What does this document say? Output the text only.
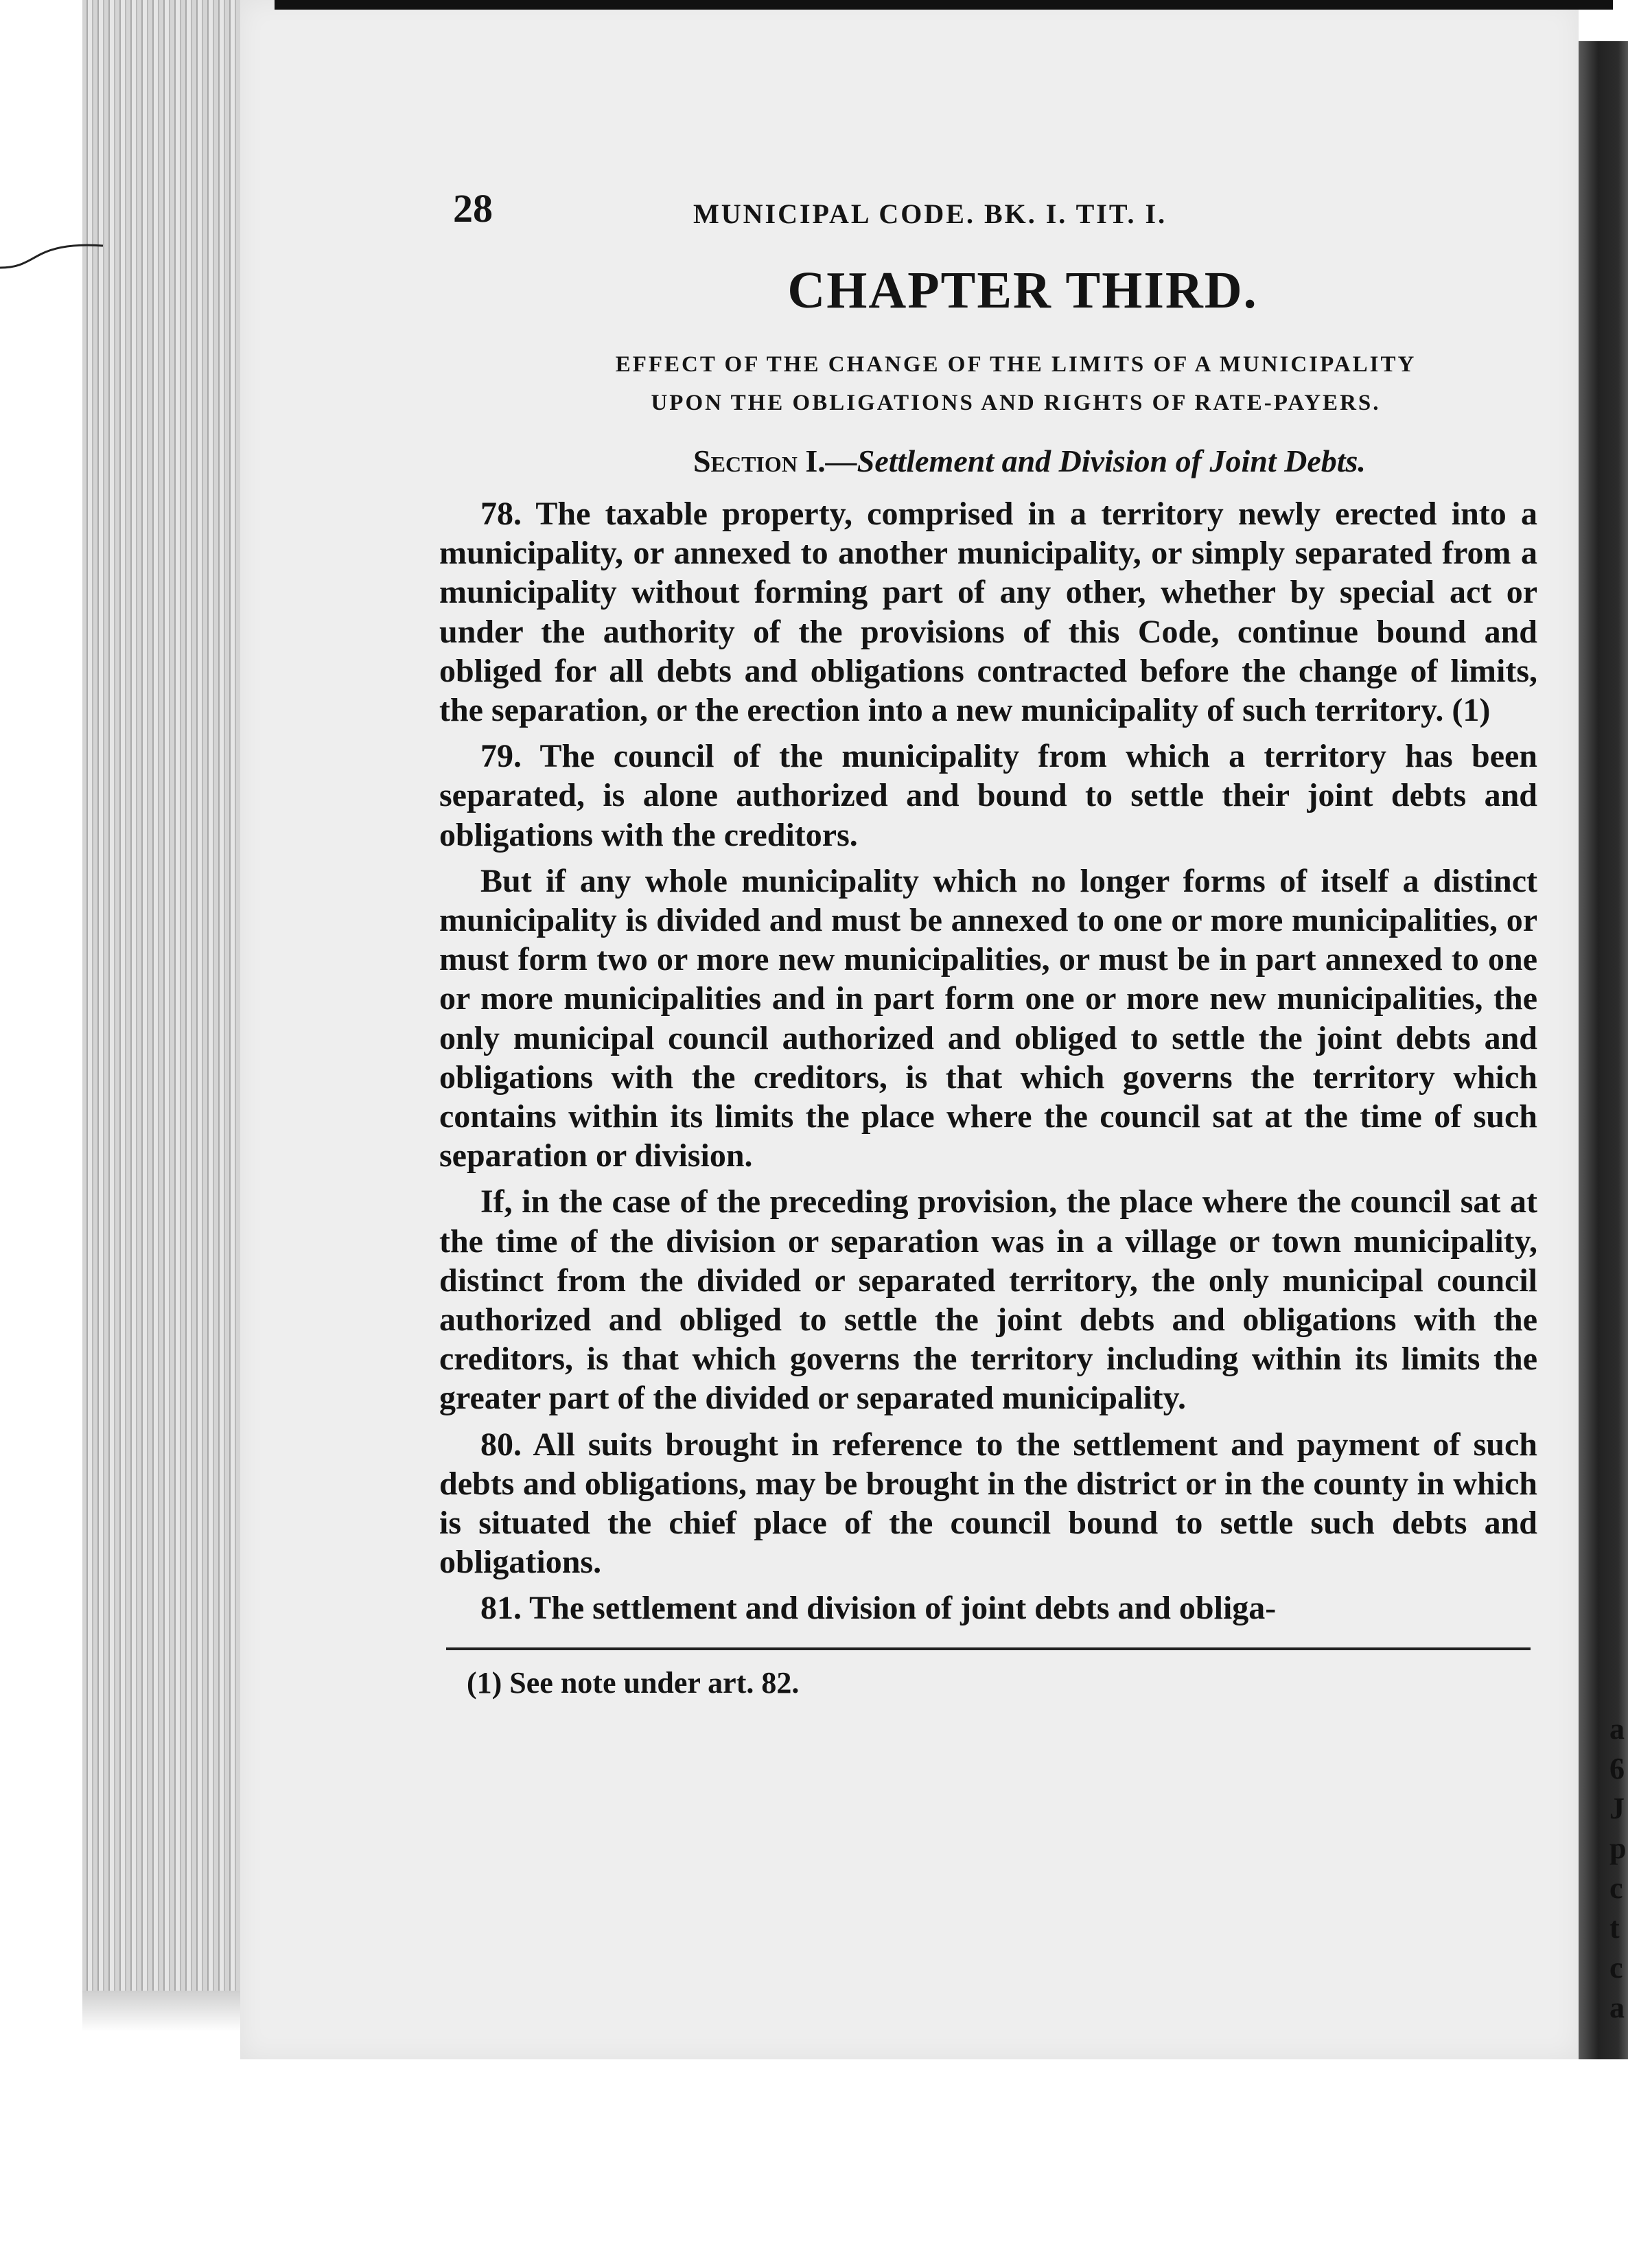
28	MUNICIPAL CODE. BK. I. TIT. I.
CHAPTER THIRD.
EFFECT OF THE CHANGE OF THE LIMITS OF A MUNICIPALITY
UPON THE OBLIGATIONS AND RIGHTS OF RATE-PAYERS.
Section I.—Settlement and Division of Joint Debts.

78. The taxable property, comprised in a territory newly erected into a municipality, or annexed to another municipality, or simply separated from a municipality without forming part of any other, whether by special act or under the authority of the provisions of this Code, continue bound and obliged for all debts and obligations contracted before the change of limits, the separation, or the erection into a new municipality of such territory. (1)

79. The council of the municipality from which a territory has been separated, is alone authorized and bound to settle their joint debts and obligations with the creditors.

But if any whole municipality which no longer forms of itself a distinct municipality is divided and must be annexed to one or more municipalities, or must form two or more new municipalities, or must be in part annexed to one or more municipalities and in part form one or more new municipalities, the only municipal council authorized and obliged to settle the joint debts and obligations with the creditors, is that which governs the territory which contains within its limits the place where the council sat at the time of such separation or division.

If, in the case of the preceding provision, the place where the council sat at the time of the division or separation was in a village or town municipality, distinct from the divided or separated territory, the only municipal council authorized and obliged to settle the joint debts and obligations with the creditors, is that which governs the territory including within its limits the greater part of the divided or separated municipality.

80. All suits brought in reference to the settlement and payment of such debts and obligations, may be brought in the district or in the county in which is situated the chief place of the council bound to settle such debts and obligations.

81. The settlement and division of joint debts and obliga-

(1) See note under art. 82.
a
6
J
p
c
t
c
a
